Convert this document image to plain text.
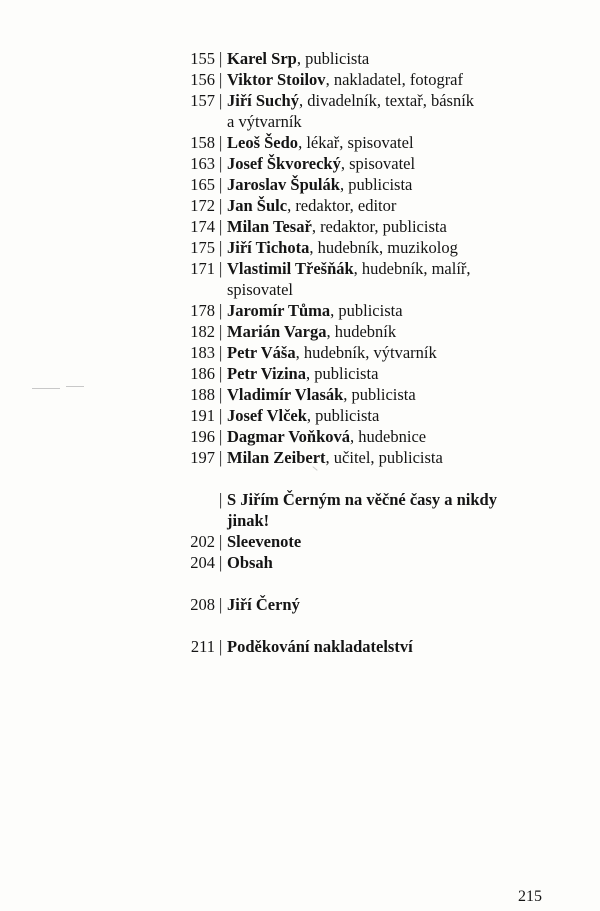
155 | Karel Srp, publicista
156 | Viktor Stoilov, nakladatel, fotograf
157 | Jiří Suchý, divadelník, textař, básník
a výtvarník
158 | Leoš Šedo, lékař, spisovatel
163 | Josef Škvorecký, spisovatel
165 | Jaroslav Špulák, publicista
172 | Jan Šulc, redaktor, editor
174 | Milan Tesař, redaktor, publicista
175 | Jiří Tichota, hudebník, muzikolog
171 | Vlastimil Třešňák, hudebník, malíř,
spisovatel
178 | Jaromír Tůma, publicista
182 | Marián Varga, hudebník
183 | Petr Váša, hudebník, výtvarník
186 | Petr Vizina, publicista
188 | Vladimír Vlasák, publicista
191 | Josef Vlček, publicista
196 | Dagmar Voňková, hudebnice
197 | Milan Zeibert, učitel, publicista
| S Jiřím Černým na věčné časy a nikdy
jinak!
202 | Sleevenote
204 | Obsah
208 | Jiří Černý
211 | Poděkování nakladatelství
215
